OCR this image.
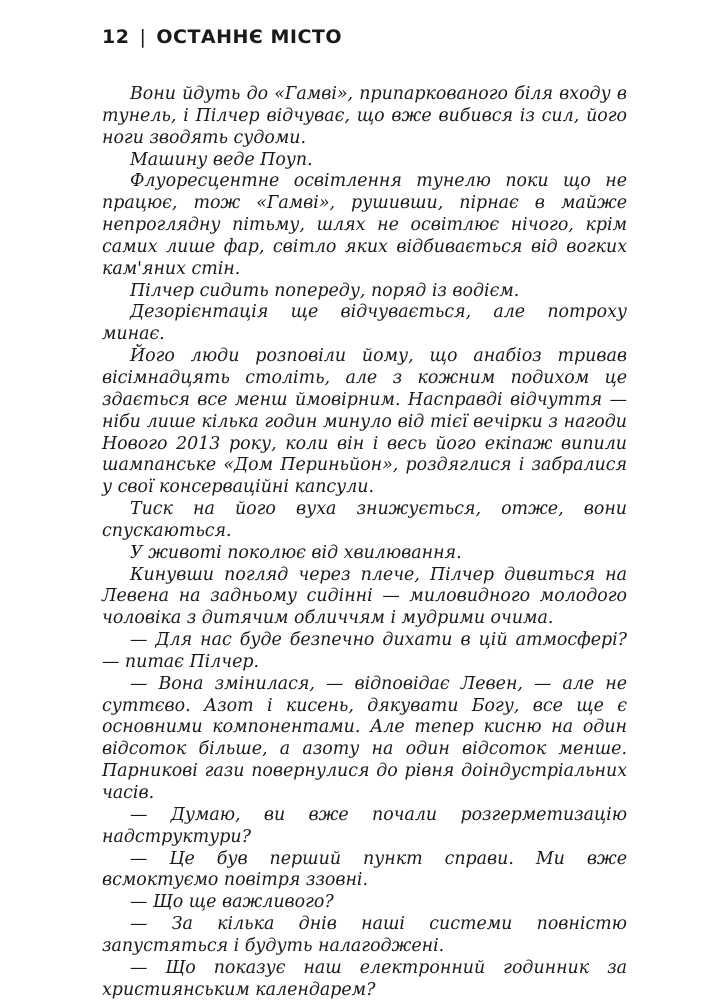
12 | ОСТАННЄ МІСТО

Вони йдуть до «Гамві», припаркованого біля входу в тунель, і Пілчер відчуває, що вже вибився із сил, його ноги зводять судоми.

Машину веде Поуп.

Флуоресцентне освітлення тунелю поки що не працює, тож «Гамві», рушивши, пірнає в майже непроглядну пітьму, шлях не освітлює нічого, крім самих лише фар, світло яких відбивається від вогких кам'яних стін.

Пілчер сидить попереду, поряд із водієм.

Дезорієнтація ще відчувається, але потроху минає.

Його люди розповіли йому, що анабіоз тривав вісімнадцять століть, але з кожним подихом це здається все менш ймовірним. Насправді відчуття — ніби лише кілька годин минуло від тієї вечірки з нагоди Нового 2013 року, коли він і весь його екіпаж випили шампанське «Дом Периньйон», роздяглися і забралися у свої консерваційні капсули.

Тиск на його вуха знижується, отже, вони спускаються.

У животі поколює від хвилювання.

Кинувши погляд через плече, Пілчер дивиться на Левена на задньому сидінні — миловидного молодого чоловіка з дитячим обличчям і мудрими очима.

— Для нас буде безпечно дихати в цій атмосфері? — питає Пілчер.

— Вона змінилася, — відповідає Левен, — але не суттєво. Азот і кисень, дякувати Богу, все ще є основними компонентами. Але тепер кисню на один відсоток більше, а азоту на один відсоток менше. Парникові гази повернулися до рівня доіндустріальних часів.

— Думаю, ви вже почали розгерметизацію надструктури?

— Це був перший пункт справи. Ми вже всмоктуємо повітря ззовні.

— Що ще важливого?

— За кілька днів наші системи повністю запустяться і будуть налагоджені.

— Що показує наш електронний годинник за християнським календарем?
